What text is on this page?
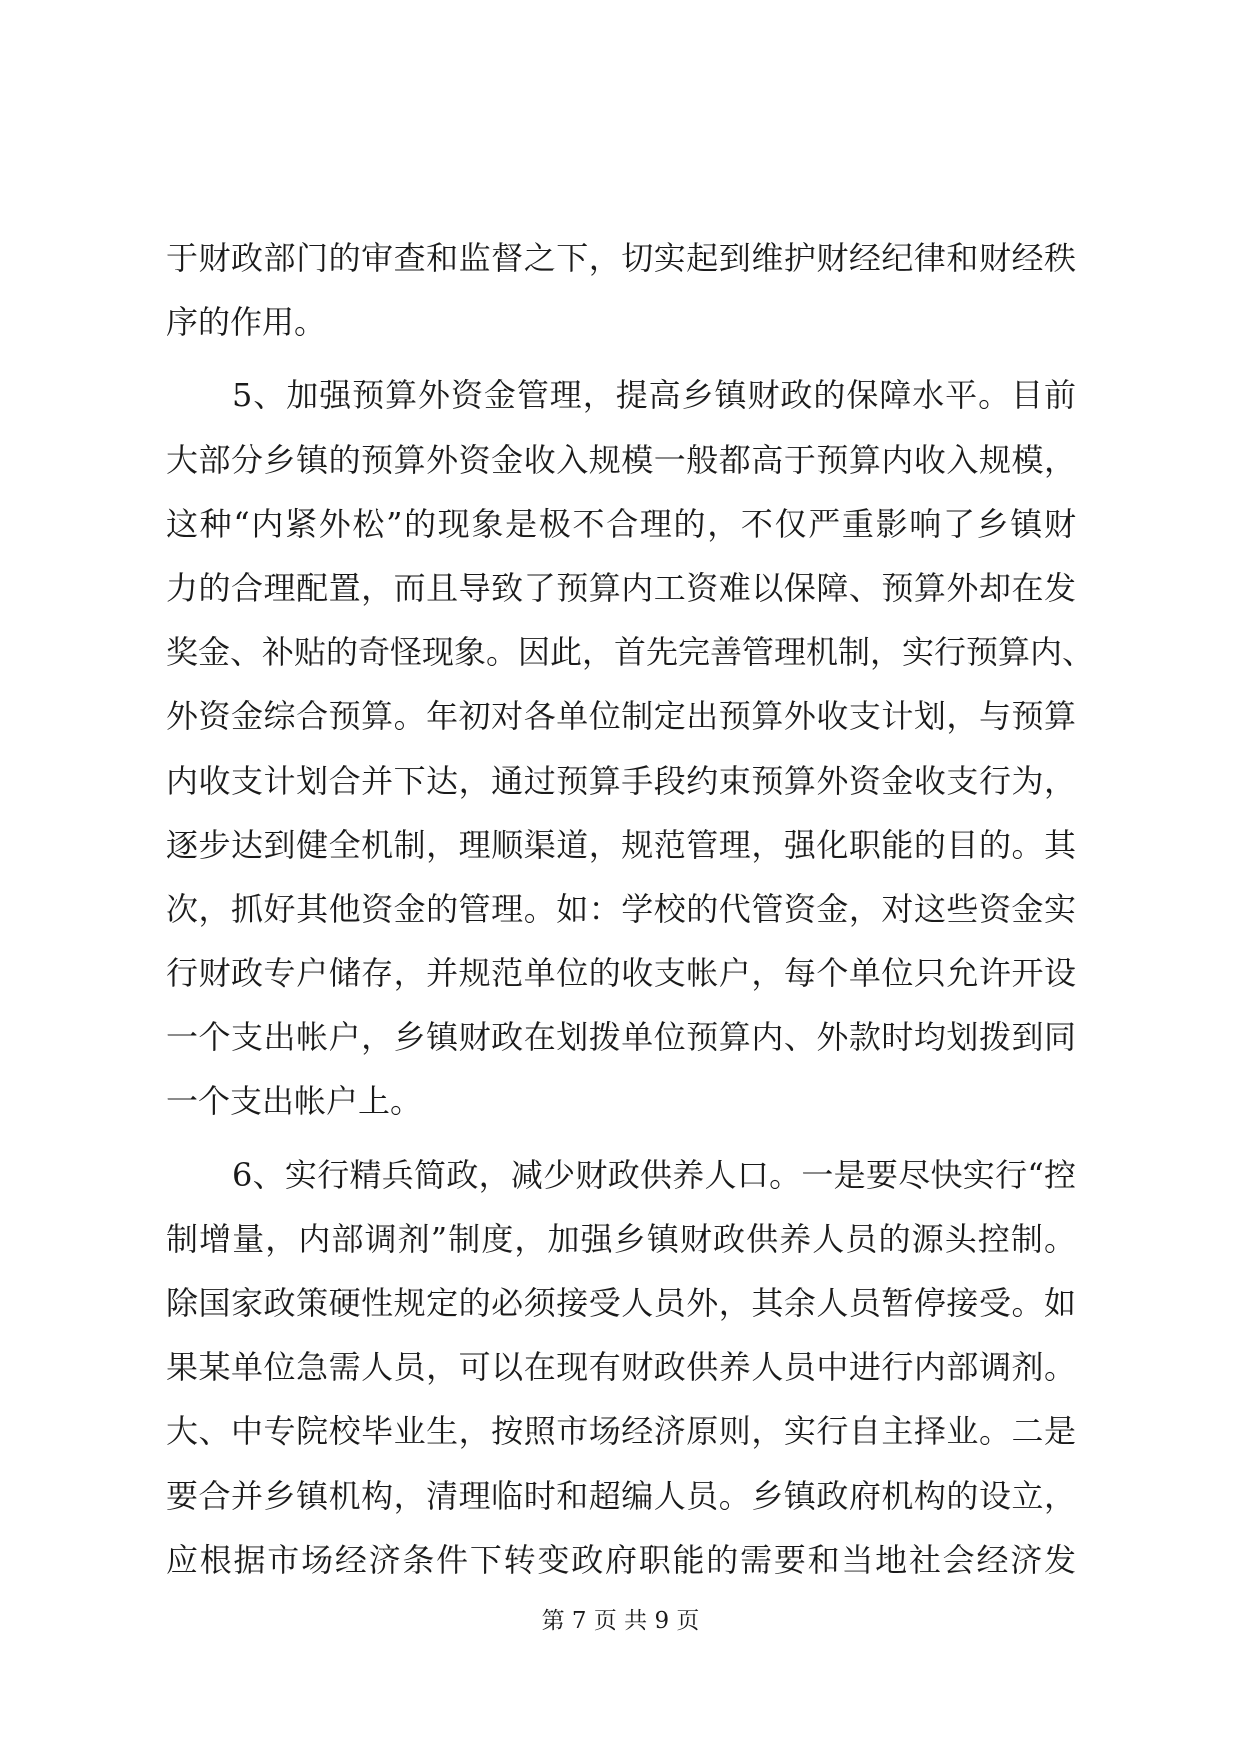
于财政部门的审查和监督之下，切实起到维护财经纪律和财经秩
序的作用。
5、加强预算外资金管理，提高乡镇财政的保障水平。目前
大部分乡镇的预算外资金收入规模一般都高于预算内收入规模，
这种“内紧外松”的现象是极不合理的，不仅严重影响了乡镇财
力的合理配置，而且导致了预算内工资难以保障、预算外却在发
奖金、补贴的奇怪现象。因此，首先完善管理机制，实行预算内、
外资金综合预算。年初对各单位制定出预算外收支计划，与预算
内收支计划合并下达，通过预算手段约束预算外资金收支行为，
逐步达到健全机制，理顺渠道，规范管理，强化职能的目的。其
次，抓好其他资金的管理。如：学校的代管资金，对这些资金实
行财政专户储存，并规范单位的收支帐户，每个单位只允许开设
一个支出帐户，乡镇财政在划拨单位预算内、外款时均划拨到同
一个支出帐户上。
6、实行精兵简政，减少财政供养人口。一是要尽快实行“控
制增量，内部调剂”制度，加强乡镇财政供养人员的源头控制。
除国家政策硬性规定的必须接受人员外，其余人员暂停接受。如
果某单位急需人员，可以在现有财政供养人员中进行内部调剂。
大、中专院校毕业生，按照市场经济原则，实行自主择业。二是
要合并乡镇机构，清理临时和超编人员。乡镇政府机构的设立，
应根据市场经济条件下转变政府职能的需要和当地社会经济发
第 7 页 共 9 页
